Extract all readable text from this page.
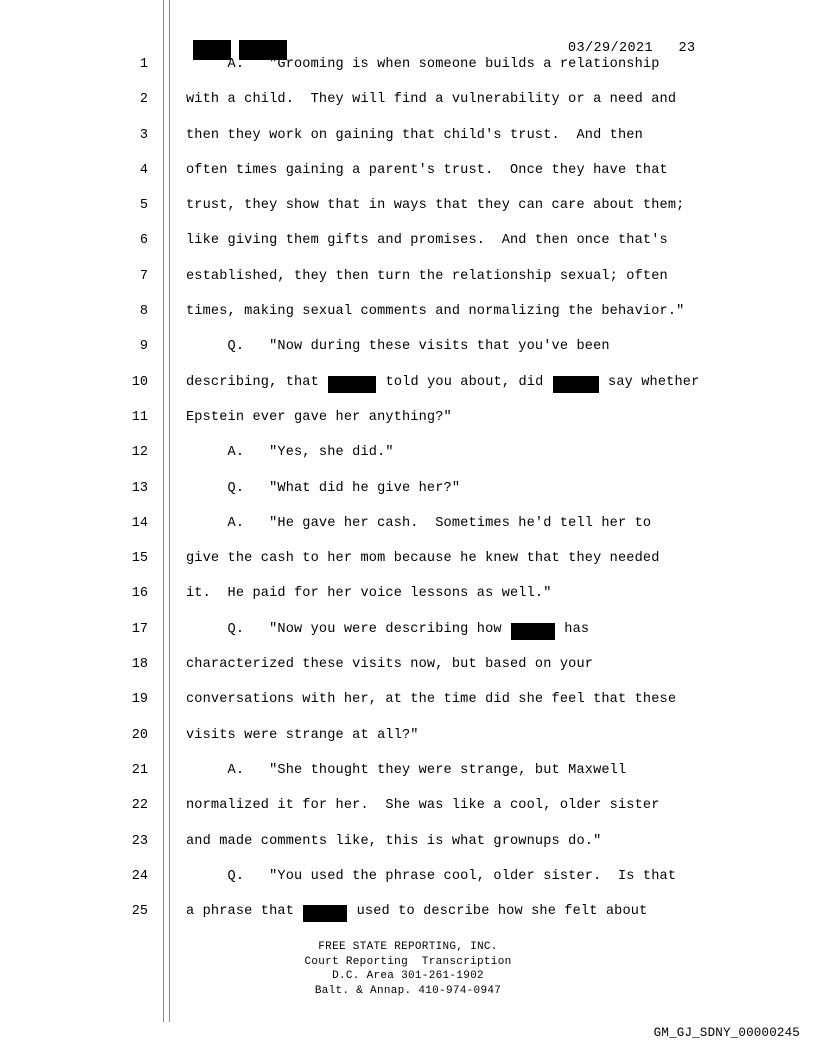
03/29/2021 23
1	A.   "Grooming is when someone builds a relationship
2	with a child.  They will find a vulnerability or a need and
3	then they work on gaining that child's trust.  And then
4	often times gaining a parent's trust.  Once they have that
5	trust, they show that in ways that they can care about them;
6	like giving them gifts and promises.  And then once that's
7	established, they then turn the relationship sexual; often
8	times, making sexual comments and normalizing the behavior."
9	Q.   "Now during these visits that you've been
10	describing, that	told you about, did	say whether
11	Epstein ever gave her anything?"
12	A.   "Yes, she did."
13	Q.   "What did he give her?"
14	A.   "He gave her cash.  Sometimes he'd tell her to
15	give the cash to her mom because he knew that they needed
16	it.  He paid for her voice lessons as well."
17	Q.   "Now you were describing how	has
18	characterized these visits now, but based on your
19	conversations with her, at the time did she feel that these
20	visits were strange at all?"
21	A.   "She thought they were strange, but Maxwell
22	normalized it for her.  She was like a cool, older sister
23	and made comments like, this is what grownups do."
24	Q.   "You used the phrase cool, older sister.  Is that
25	a phrase that	used to describe how she felt about
FREE STATE REPORTING, INC.
Court Reporting  Transcription
D.C. Area 301-261-1902
Balt. & Annap. 410-974-0947
GM_GJ_SDNY_00000245
